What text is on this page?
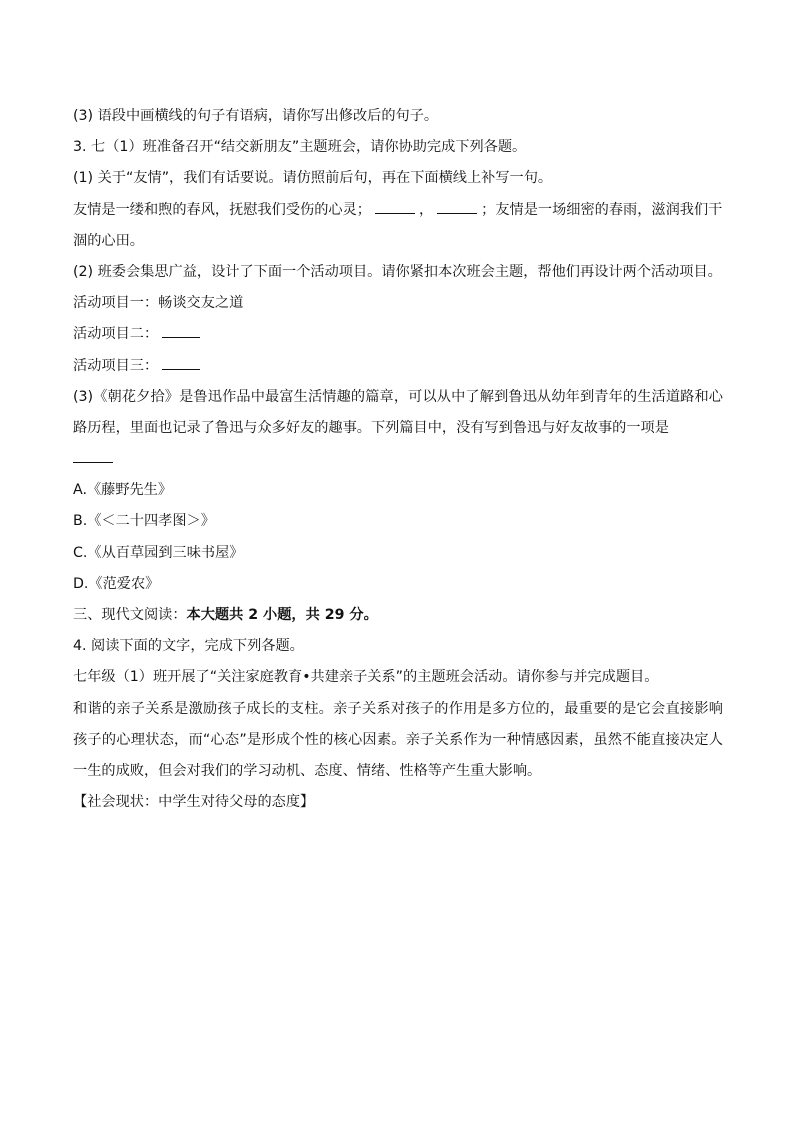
(3) 语段中画横线的句子有语病，请你写出修改后的句子。
3. 七（1）班准备召开“结交新朋友”主题班会，请你协助完成下列各题。
(1) 关于“友情”，我们有话要说。请仿照前后句，再在下面横线上补写一句。
友情是一缕和煦的春风，抚慰我们受伤的心灵；	，	；友情是一场细密的春雨，滋润我们干
涸的心田。
(2) 班委会集思广益，设计了下面一个活动项目。请你紧扣本次班会主题，帮他们再设计两个活动项目。
活动项目一：畅谈交友之道
活动项目二：
活动项目三：
(3)《朝花夕拾》是鲁迅作品中最富生活情趣的篇章，可以从中了解到鲁迅从幼年到青年的生活道路和心路历程，里面也记录了鲁迅与众多好友的趣事。下列篇目中，没有写到鲁迅与好友故事的一项是
A.《藤野先生》
B.《＜二十四孝图＞》
C.《从百草园到三味书屋》
D.《范爱农》
三、现代文阅读：本大题共 2 小题，共 29 分。
4. 阅读下面的文字，完成下列各题。
七年级（1）班开展了“关注家庭教育•共建亲子关系”的主题班会活动。请你参与并完成题目。
和谐的亲子关系是激励孩子成长的支柱。亲子关系对孩子的作用是多方位的，最重要的是它会直接影响孩子的心理状态，而“心态”是形成个性的核心因素。亲子关系作为一种情感因素，虽然不能直接决定人一生的成败，但会对我们的学习动机、态度、情绪、性格等产生重大影响。
【社会现状：中学生对待父母的态度】
